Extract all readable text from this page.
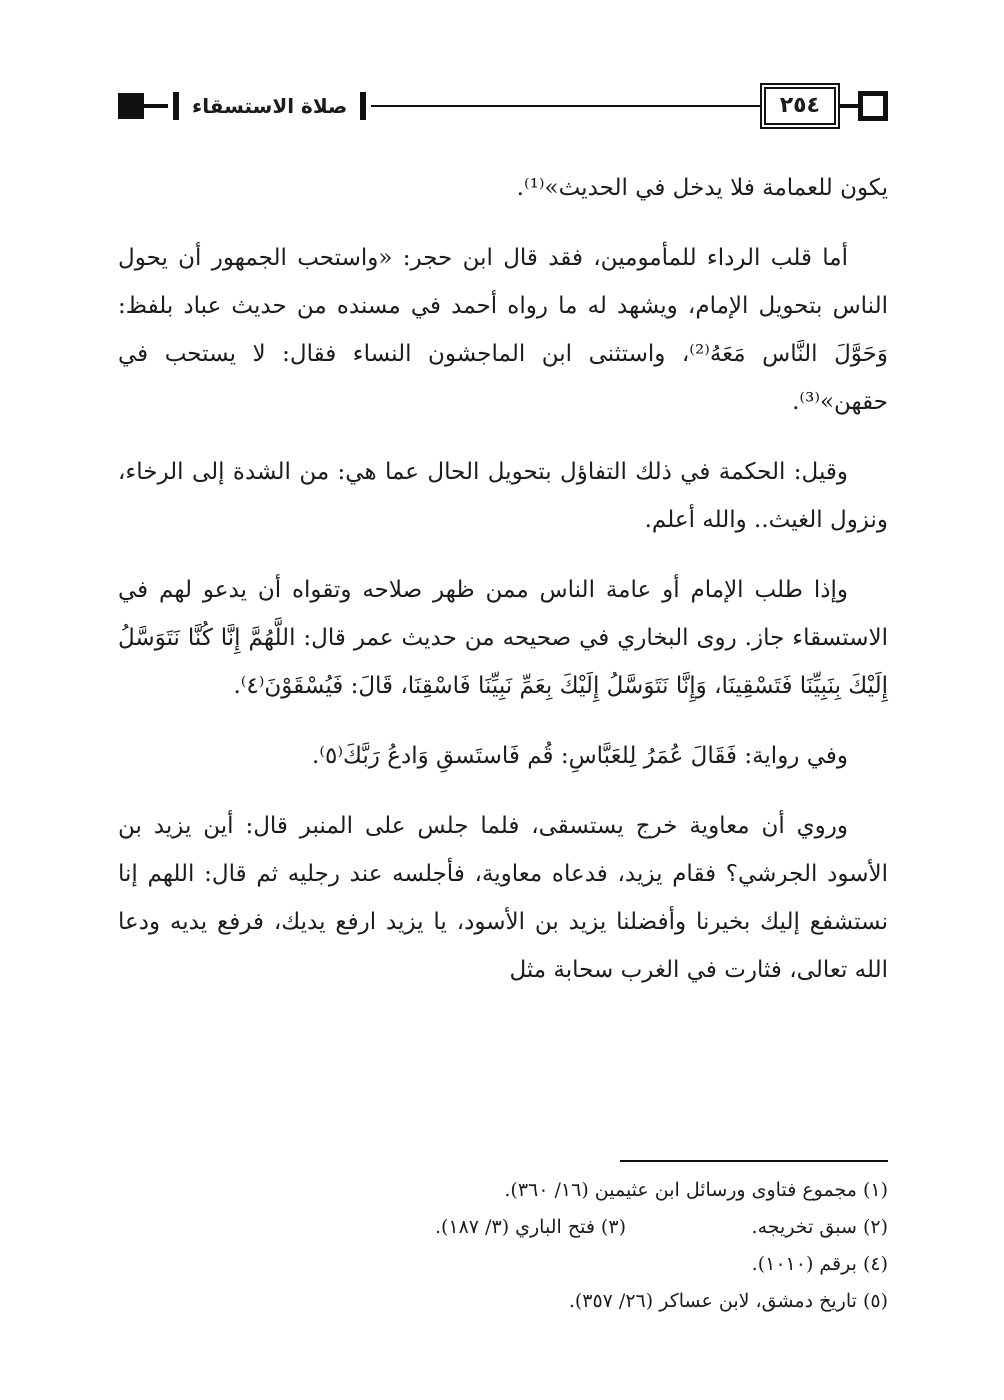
٢٥٤
صلاة الاستسقاء

يكون للعمامة فلا يدخل في الحديث»⁽¹⁾.

أما قلب الرداء للمأمومين، فقد قال ابن حجر: «واستحب الجمهور أن يحول الناس بتحويل الإمام، ويشهد له ما رواه أحمد في مسنده من حديث عباد بلفظ: وَحَوَّلَ النَّاس مَعَهُ⁽²⁾، واستثنى ابن الماجشون النساء فقال: لا يستحب في حقهن»⁽³⁾.

وقيل: الحكمة في ذلك التفاؤل بتحويل الحال عما هي: من الشدة إلى الرخاء، ونزول الغيث.. والله أعلم.

وإذا طلب الإمام أو عامة الناس ممن ظهر صلاحه وتقواه أن يدعو لهم في الاستسقاء جاز. روى البخاري في صحيحه من حديث عمر قال: اللَّهُمَّ إِنَّا كُنَّا نَتَوَسَّلُ إِلَيْكَ بِنَبِيِّنَا فَتَسْقِينَا، وَإِنَّا نَتَوَسَّلُ إِلَيْكَ بِعَمِّ نَبِيِّنَا فَاسْقِنَا، قَالَ: فَيُسْقَوْنَ⁽٤⁾.

وفي رواية: فَقَالَ عُمَرُ لِلعَبَّاسِ: قُم فَاستَسقِ وَادعُ رَبَّكَ⁽٥⁾.

وروي أن معاوية خرج يستسقى، فلما جلس على المنبر قال: أين يزيد بن الأسود الجرشي؟ فقام يزيد، فدعاه معاوية، فأجلسه عند رجليه ثم قال: اللهم إنا نستشفع إليك بخيرنا وأفضلنا يزيد بن الأسود، يا يزيد ارفع يديك، فرفع يديه ودعا الله تعالى، فثارت في الغرب سحابة مثل

(١) مجموع فتاوى ورسائل ابن عثيمين (١٦/ ٣٦٠).
(٢) سبق تخريجه.
(٣) فتح الباري (٣/ ١٨٧).
(٤) برقم (١٠١٠).
(٥) تاريخ دمشق، لابن عساكر (٢٦/ ٣٥٧).
